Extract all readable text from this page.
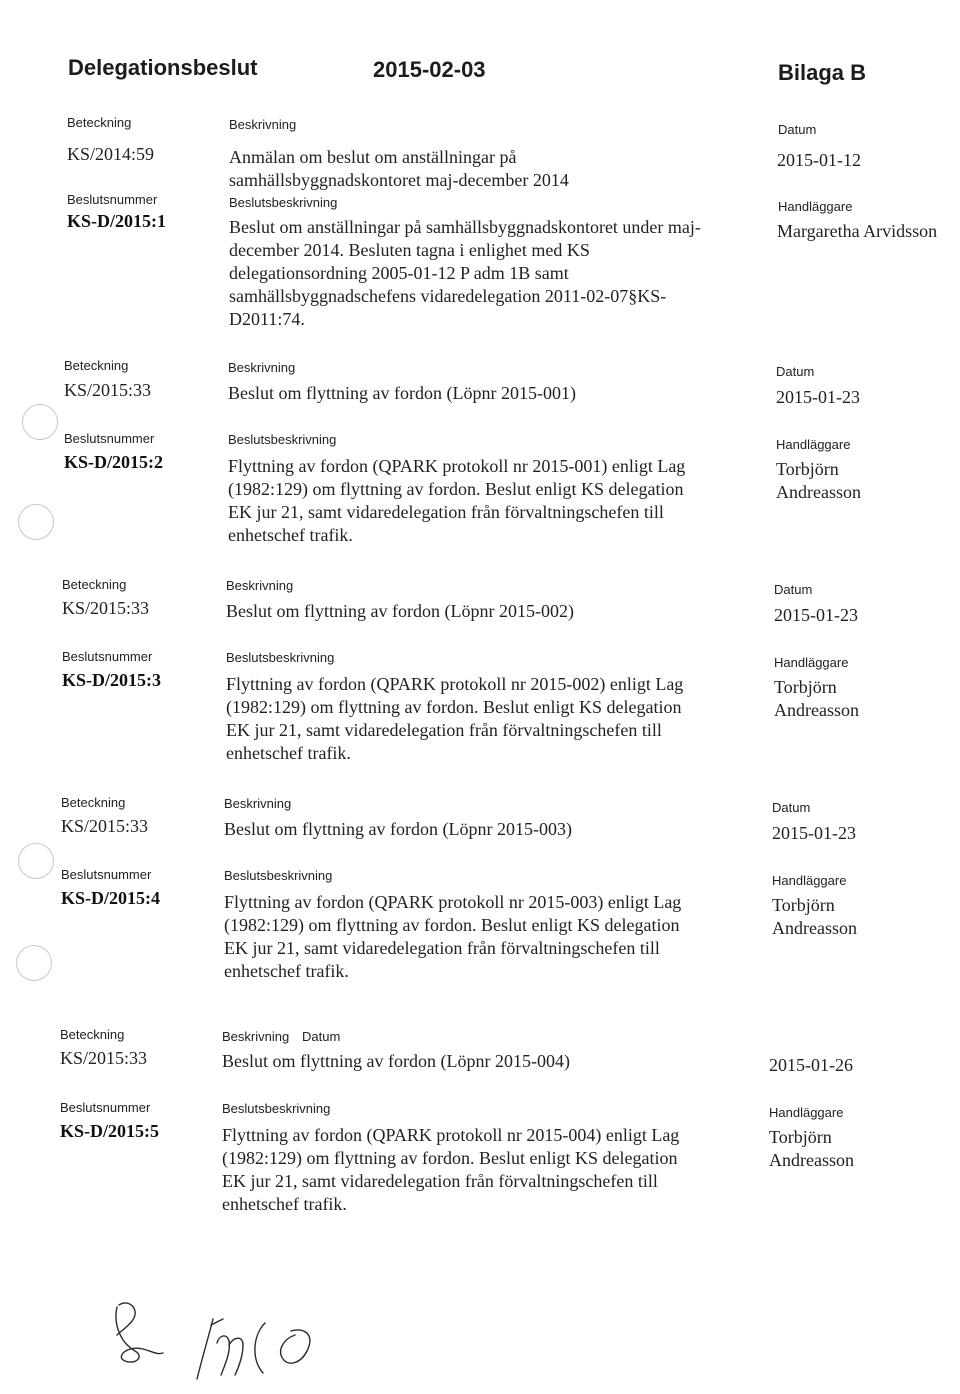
Delegationsbeslut	2015-02-03	Bilaga B
Beteckning
KS/2014:59
Beslutsnummer
KS-D/2015:1
Beskrivning
Anmälan om beslut om anställningar på
samhällsbyggnadskontoret maj-december 2014
Beslutsbeskrivning
Beslut om anställningar på samhällsbyggnadskontoret under maj-
december 2014. Besluten tagna i enlighet med KS
delegationsordning 2005-01-12 P adm 1B samt
samhällsbyggnadschefens vidaredelegation 2011-02-07§KS-
D2011:74.
Datum
2015-01-12
Handläggare
Margaretha Arvidsson
Beteckning
KS/2015:33
Beslutsnummer
KS-D/2015:2
Beskrivning
Beslut om flyttning av fordon (Löpnr 2015-001)
Beslutsbeskrivning
Flyttning av fordon (QPARK protokoll nr 2015-001) enligt Lag
(1982:129) om flyttning av fordon. Beslut enligt KS delegation
EK jur 21, samt vidaredelegation från förvaltningschefen till
enhetschef trafik.
Datum
2015-01-23
Handläggare
Torbjörn
Andreasson
Beteckning
KS/2015:33
Beslutsnummer
KS-D/2015:3
Beskrivning
Beslut om flyttning av fordon (Löpnr 2015-002)
Beslutsbeskrivning
Flyttning av fordon (QPARK protokoll nr 2015-002) enligt Lag
(1982:129) om flyttning av fordon. Beslut enligt KS delegation
EK jur 21, samt vidaredelegation från förvaltningschefen till
enhetschef trafik.
Datum
2015-01-23
Handläggare
Torbjörn
Andreasson
Beteckning
KS/2015:33
Beslutsnummer
KS-D/2015:4
Beskrivning
Beslut om flyttning av fordon (Löpnr 2015-003)
Beslutsbeskrivning
Flyttning av fordon (QPARK protokoll nr 2015-003) enligt Lag
(1982:129) om flyttning av fordon. Beslut enligt KS delegation
EK jur 21, samt vidaredelegation från förvaltningschefen till
enhetschef trafik.
Datum
2015-01-23
Handläggare
Torbjörn
Andreasson
Beteckning
KS/2015:33
Beslutsnummer
KS-D/2015:5
Beskrivning Datum
Beslut om flyttning av fordon (Löpnr 2015-004)
Beslutsbeskrivning
Flyttning av fordon (QPARK protokoll nr 2015-004) enligt Lag
(1982:129) om flyttning av fordon. Beslut enligt KS delegation
EK jur 21, samt vidaredelegation från förvaltningschefen till
enhetschef trafik.
2015-01-26
Handläggare
Torbjörn
Andreasson
